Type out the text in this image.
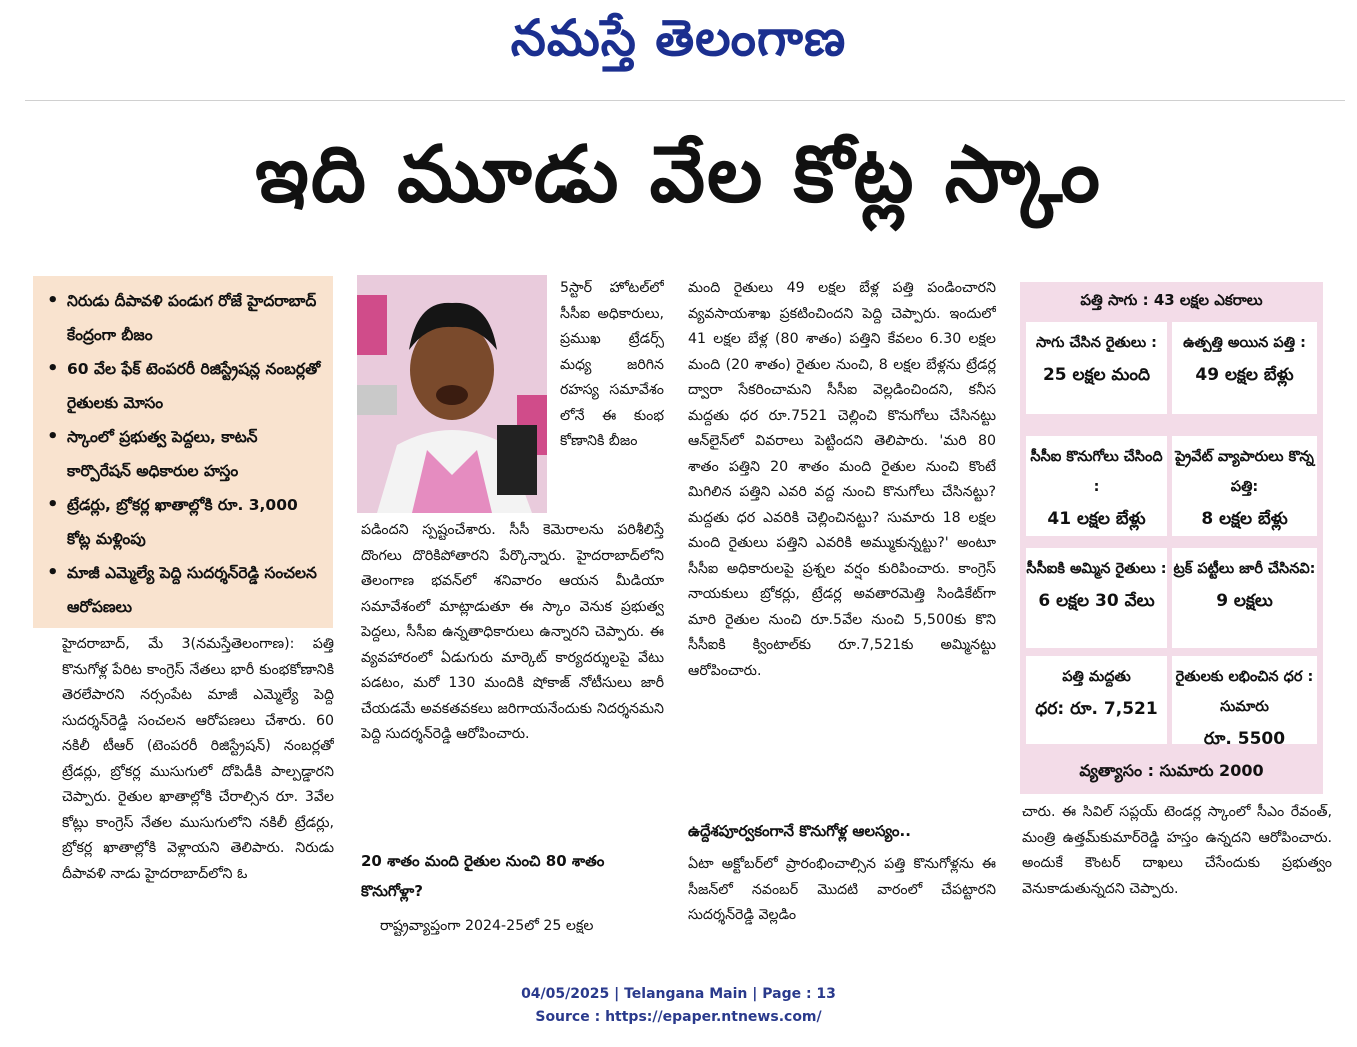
నమస్తే తెలంగాణ
ఇది మూడు వేల కోట్ల స్కాం
• నిరుడు దీపావళి పండుగ రోజే హైదరాబాద్ కేంద్రంగా బీజం
• 60 వేల ఫేక్ టెంపరరీ రిజిస్ట్రేషన్ల నంబర్లతో రైతులకు మోసం
• స్కాంలో ప్రభుత్వ పెద్దలు, కాటన్ కార్పొరేషన్ అధికారుల హస్తం
• ట్రేడర్లు, బ్రోకర్ల ఖాతాల్లోకి రూ. 3,000 కోట్ల మళ్లింపు
• మాజీ ఎమ్మెల్యే పెద్ది సుదర్శన్‌రెడ్డి సంచలన ఆరోపణలు

హైదరాబాద్, మే 3(నమస్తేతెలంగాణ): పత్తి కొనుగోళ్ల పేరిట కాంగ్రెస్ నేతలు భారీ కుంభకోణానికి తెరలేపారని నర్సంపేట మాజీ ఎమ్మెల్యే పెద్ది సుదర్శన్‌రెడ్డి సంచలన ఆరోపణలు చేశారు. 60 నకిలీ టీఆర్ (టెంపరరీ రిజిస్ట్రేషన్) నంబర్లతో ట్రేడర్లు, బ్రోకర్ల ముసుగులో దోపిడీకి పాల్పడ్డారని చెప్పారు. రైతుల ఖాతాల్లోకి చేరాల్సిన రూ. 3వేల కోట్లు కాంగ్రెస్ నేతల ముసుగులోని నకిలీ ట్రేడర్లు, బ్రోకర్ల ఖాతాల్లోకి వెళ్లాయని తెలిపారు. నిరుడు దీపావళి నాడు హైదరాబాద్‌లోని ఓ

5స్టార్ హోటల్‌లో సీసీఐ అధికారులు, ప్రముఖ ట్రేడర్స్ మధ్య జరిగిన రహస్య సమావేశం లోనే ఈ కుంభ కోణానికి బీజం

పడిందని స్పష్టంచేశారు. సీసీ కెమెరాలను పరిశీలిస్తే దొంగలు దొరికిపోతారని పేర్కొన్నారు. హైదరాబాద్‌లోని తెలంగాణ భవన్‌లో శనివారం ఆయన మీడియా సమావేశంలో మాట్లాడుతూ ఈ స్కాం వెనుక ప్రభుత్వ పెద్దలు, సీసీఐ ఉన్నతాధికారులు ఉన్నారని చెప్పారు. ఈ వ్యవహారంలో ఏడుగురు మార్కెట్ కార్యదర్శులపై వేటు పడటం, మరో 130 మందికి షోకాజ్ నోటీసులు జారీ చేయడమే అవకతవకలు జరిగాయనేందుకు నిదర్శనమని పెద్ది సుదర్శన్‌రెడ్డి ఆరోపించారు.

20 శాతం మంది రైతుల నుంచి 80 శాతం కొనుగోళ్లా?

రాష్ట్రవ్యాప్తంగా 2024-25లో 25 లక్షల

మంది రైతులు 49 లక్షల బేళ్ల పత్తి పండించారని వ్యవసాయశాఖ ప్రకటించిందని పెద్ది చెప్పారు. ఇందులో 41 లక్షల బేళ్ల (80 శాతం) పత్తిని కేవలం 6.30 లక్షల మంది (20 శాతం) రైతుల నుంచి, 8 లక్షల బేళ్లను ట్రేడర్ల ద్వారా సేకరించామని సీసీఐ వెల్లడించిందని, కనీస మద్దతు ధర రూ.7521 చెల్లించి కొనుగోలు చేసినట్టు ఆన్‌లైన్‌లో వివరాలు పెట్టిందని తెలిపారు. 'మరి 80 శాతం పత్తిని 20 శాతం మంది రైతుల నుంచి కొంటే మిగిలిన పత్తిని ఎవరి వద్ద నుంచి కొనుగోలు చేసినట్టు? మద్దతు ధర ఎవరికి చెల్లించినట్టు? సుమారు 18 లక్షల మంది రైతులు పత్తిని ఎవరికి అమ్ముకున్నట్టు?' అంటూ సీసీఐ అధికారులపై ప్రశ్నల వర్షం కురిపించారు. కాంగ్రెస్ నాయకులు బ్రోకర్లు, ట్రేడర్ల అవతారమెత్తి సిండికేట్‌గా మారి రైతుల నుంచి రూ.5వేల నుంచి 5,500కు కొని సీసీఐకి క్వింటాల్‌కు రూ.7,521కు అమ్మినట్టు ఆరోపించారు.

ఉద్దేశపూర్వకంగానే కొనుగోళ్ల ఆలస్యం..

ఏటా అక్టోబర్‌లో ప్రారంభించాల్సిన పత్తి కొనుగోళ్లను ఈ సీజన్‌లో నవంబర్ మొదటి వారంలో చేపట్టారని సుదర్శన్‌రెడ్డి వెల్లడిం

పత్తి సాగు : 43 లక్షల ఎకరాలు
సాగు చేసిన రైతులు :
25 లక్షల మంది
ఉత్పత్తి అయిన పత్తి :
49 లక్షల బేళ్లు
సీసీఐ కొనుగోలు చేసింది :
41 లక్షల బేళ్లు
ప్రైవేట్ వ్యాపారులు కొన్న పత్తి:
8 లక్షల బేళ్లు
సీసీఐకి అమ్మిన రైతులు :
6 లక్షల 30 వేలు
ట్రక్ పట్టీలు జారీ చేసినవి:
9 లక్షలు
పత్తి మద్దతు
ధర: రూ. 7,521
రైతులకు లభించిన ధర : సుమారు
రూ. 5500
వ్యత్యాసం : సుమారు 2000

చారు. ఈ సివిల్ సప్లయ్ టెండర్ల స్కాంలో సీఎం రేవంత్, మంత్రి ఉత్తమ్‌కుమార్‌రెడ్డి హస్తం ఉన్నదని ఆరోపించారు. అందుకే కౌంటర్ దాఖలు చేసేందుకు ప్రభుత్వం వెనుకాడుతున్నదని చెప్పారు.

04/05/2025 | Telangana Main | Page : 13
Source : https://epaper.ntnews.com/
